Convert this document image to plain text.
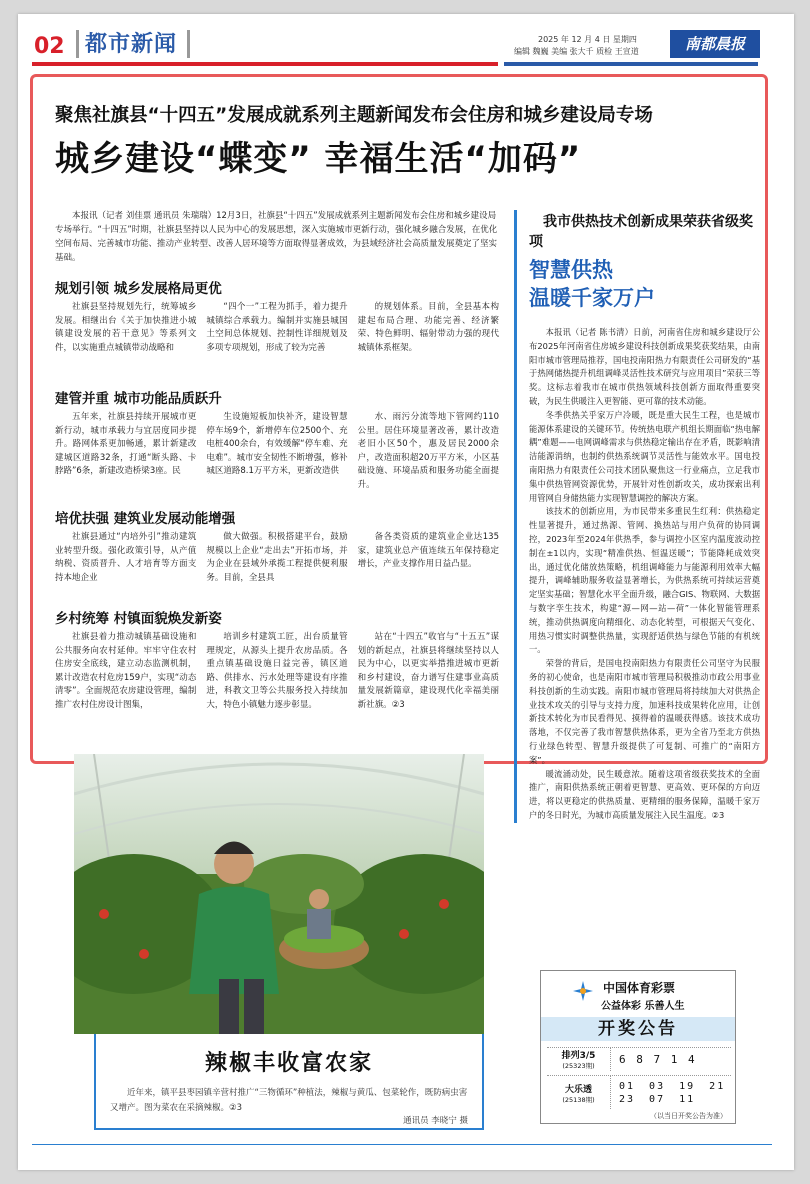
02 都市新闻	2025 年 12 月 4 日 星期四
编辑 魏巍 美编 张大千 质检 王宣道	南都晨报
聚焦社旗县“十四五”发展成就系列主题新闻发布会住房和城乡建设局专场
城乡建设“蝶变” 幸福生活“加码”
本报讯（记者 刘佳票 通讯员 朱瑞瑞）12月3日，社旗县“十四五”发展成就系列主题新闻发布会住房和城乡建设局专场举行。“十四五”时期，社旗县坚持以人民为中心的发展思想，深入实施城市更新行动，强化城乡融合发展，在优化空间布局、完善城市功能、推动产业转型、改善人居环境等方面取得显著成效，为县域经济社会高质量发展奠定了坚实基础。
规划引领 城乡发展格局更优
社旗县坚持规划先行，统筹城乡发展。相继出台《关于加快推进小城镇建设发展的若干意见》等系列文件，以实施重点城镇带动战略和
“四个一”工程为抓手，着力提升城镇综合承载力。编制并实施县城国土空间总体规划、控制性详细规划及多项专项规划，形成了较为完善
的规划体系。目前，全县基本构建起布局合理、功能完善、经济繁荣、特色鲜明、辐射带动力强的现代城镇体系框架。
建管并重 城市功能品质跃升
五年来，社旗县持续开展城市更新行动，城市承载力与宜居度同步提升。路网体系更加畅通，累计新建改建城区道路32条，打通“断头路、卡脖路”6条，新建改造桥梁3座。民
生设施短板加快补齐，建设智慧停车场9个，新增停车位2500个、充电桩400余台，有效缓解“停车难、充电难”。城市安全韧性不断增强，修补城区道路8.1万平方米，更新改造供
水、雨污分流等地下管网约110公里。居住环境显著改善，累计改造老旧小区50个，惠及居民2000余户，改造面积超20万平方米，小区基础设施、环境品质和服务功能全面提升。
培优扶强 建筑业发展动能增强
社旗县通过“内培外引”推动建筑业转型升级。强化政策引导，从产值纳税、资质晋升、人才培育等方面支持本地企业
做大做强。积极搭建平台，鼓励规模以上企业“走出去”开拓市场，并为企业在县域外承揽工程提供便利服务。目前，全县具
备各类资质的建筑业企业达135家，建筑业总产值连续五年保持稳定增长，产业支撑作用日益凸显。
乡村统筹 村镇面貌焕发新姿
社旗县着力推动城镇基础设施和公共服务向农村延伸。牢牢守住农村住房安全底线，建立动态监测机制，累计改造农村危房159户，实现“动态清零”。全面规范农房建设管理，编制推广农村住房设计图集，
培训乡村建筑工匠，出台质量管理规定，从源头上提升农房品质。各重点镇基础设施日益完善，镇区道路、供排水、污水处理等建设有序推进，科教文卫等公共服务投入持续加大，特色小镇魅力逐步彰显。
站在“十四五”收官与“十五五”谋划的新起点，社旗县将继续坚持以人民为中心，以更实举措推进城市更新和乡村建设，奋力谱写住建事业高质量发展新篇章，建设现代化幸福美丽新社旗。②3
我市供热技术创新成果荣获省级奖项
智慧供热
温暖千家万户

本报讯（记者 陈书清）日前，河南省住房和城乡建设厅公布2025年河南省住房城乡建设科技创新成果奖获奖结果，由南阳市城市管理局推荐，国电投南阳热力有限责任公司研发的“基于热网储热提升机组调峰灵活性技术研究与应用项目”荣获三等奖。这标志着我市在城市供热领域科技创新方面取得重要突破，为民生供暖注入更智能、更可靠的技术动能。

冬季供热关乎家万户冷暖，既是重大民生工程，也是城市能源体系建设的关键环节。传统热电联产机组长期面临“热电解耦”难题——电网调峰需求与供热稳定输出存在矛盾，既影响清洁能源消纳，也制约供热系统调节灵活性与能效水平。国电投南阳热力有限责任公司技术团队聚焦这一行业痛点，立足我市集中供热管网资源优势，开展针对性创新攻关，成功探索出利用管网自身储热能力实现智慧调控的解决方案。

该技术的创新应用，为市民带来多重民生红利：供热稳定性显著提升，通过热源、管网、换热站与用户负荷的协同调控，2023年至2024年供热季，参与调控小区室内温度波动控制在±1以内，实现“精准供热、恒温送暖”；节能降耗成效突出，通过优化储放热策略，机组调峰能力与能源利用效率大幅提升，调峰辅助服务收益显著增长，为供热系统可持续运营奠定坚实基础；智慧化水平全面升级，融合GIS、物联网、大数据与数字孪生技术，构建“源—网—站—荷”一体化智能管理系统，推动供热调度向精细化、动态化转型，可根据天气变化、用热习惯实时调整供热量，实现舒适供热与绿色节能的有机统一。

荣誉的背后，是国电投南阳热力有限责任公司坚守为民服务的初心使命，也是南阳市城市管理局积极推动市政公用事业科技创新的生动实践。南阳市城市管理局将持续加大对供热企业技术攻关的引导与支持力度，加速科技成果转化应用，让创新技术转化为市民看得见、摸得着的温暖获得感。该技术成功落地，不仅完善了我市智慧供热体系，更为全省乃至北方供热行业绿色转型、智慧升级提供了可复制、可推广的“南阳方案”。

暖流涌动处，民生暖意浓。随着这项省级获奖技术的全面推广，南阳供热系统正朝着更智慧、更高效、更环保的方向迈进，将以更稳定的供热质量、更精细的服务保障，温暖千家万户的冬日时光，为城市高质量发展注入民生温度。②3

辣椒丰收富农家
近年来，镇平县枣园镇辛营村推广“三物循环”种植法，辣椒与黄瓜、包菜轮作，既防病虫害又增产。图为菜农在采摘辣椒。②3
通讯员 李晓宁 摄
中国体育彩票
公益体彩 乐善人生
开奖公告
排列3/5
(25323期)	6 8 7 1 4
大乐透
(25138期)
01 03 19 21 23 07 11
（以当日开奖公告为准）
